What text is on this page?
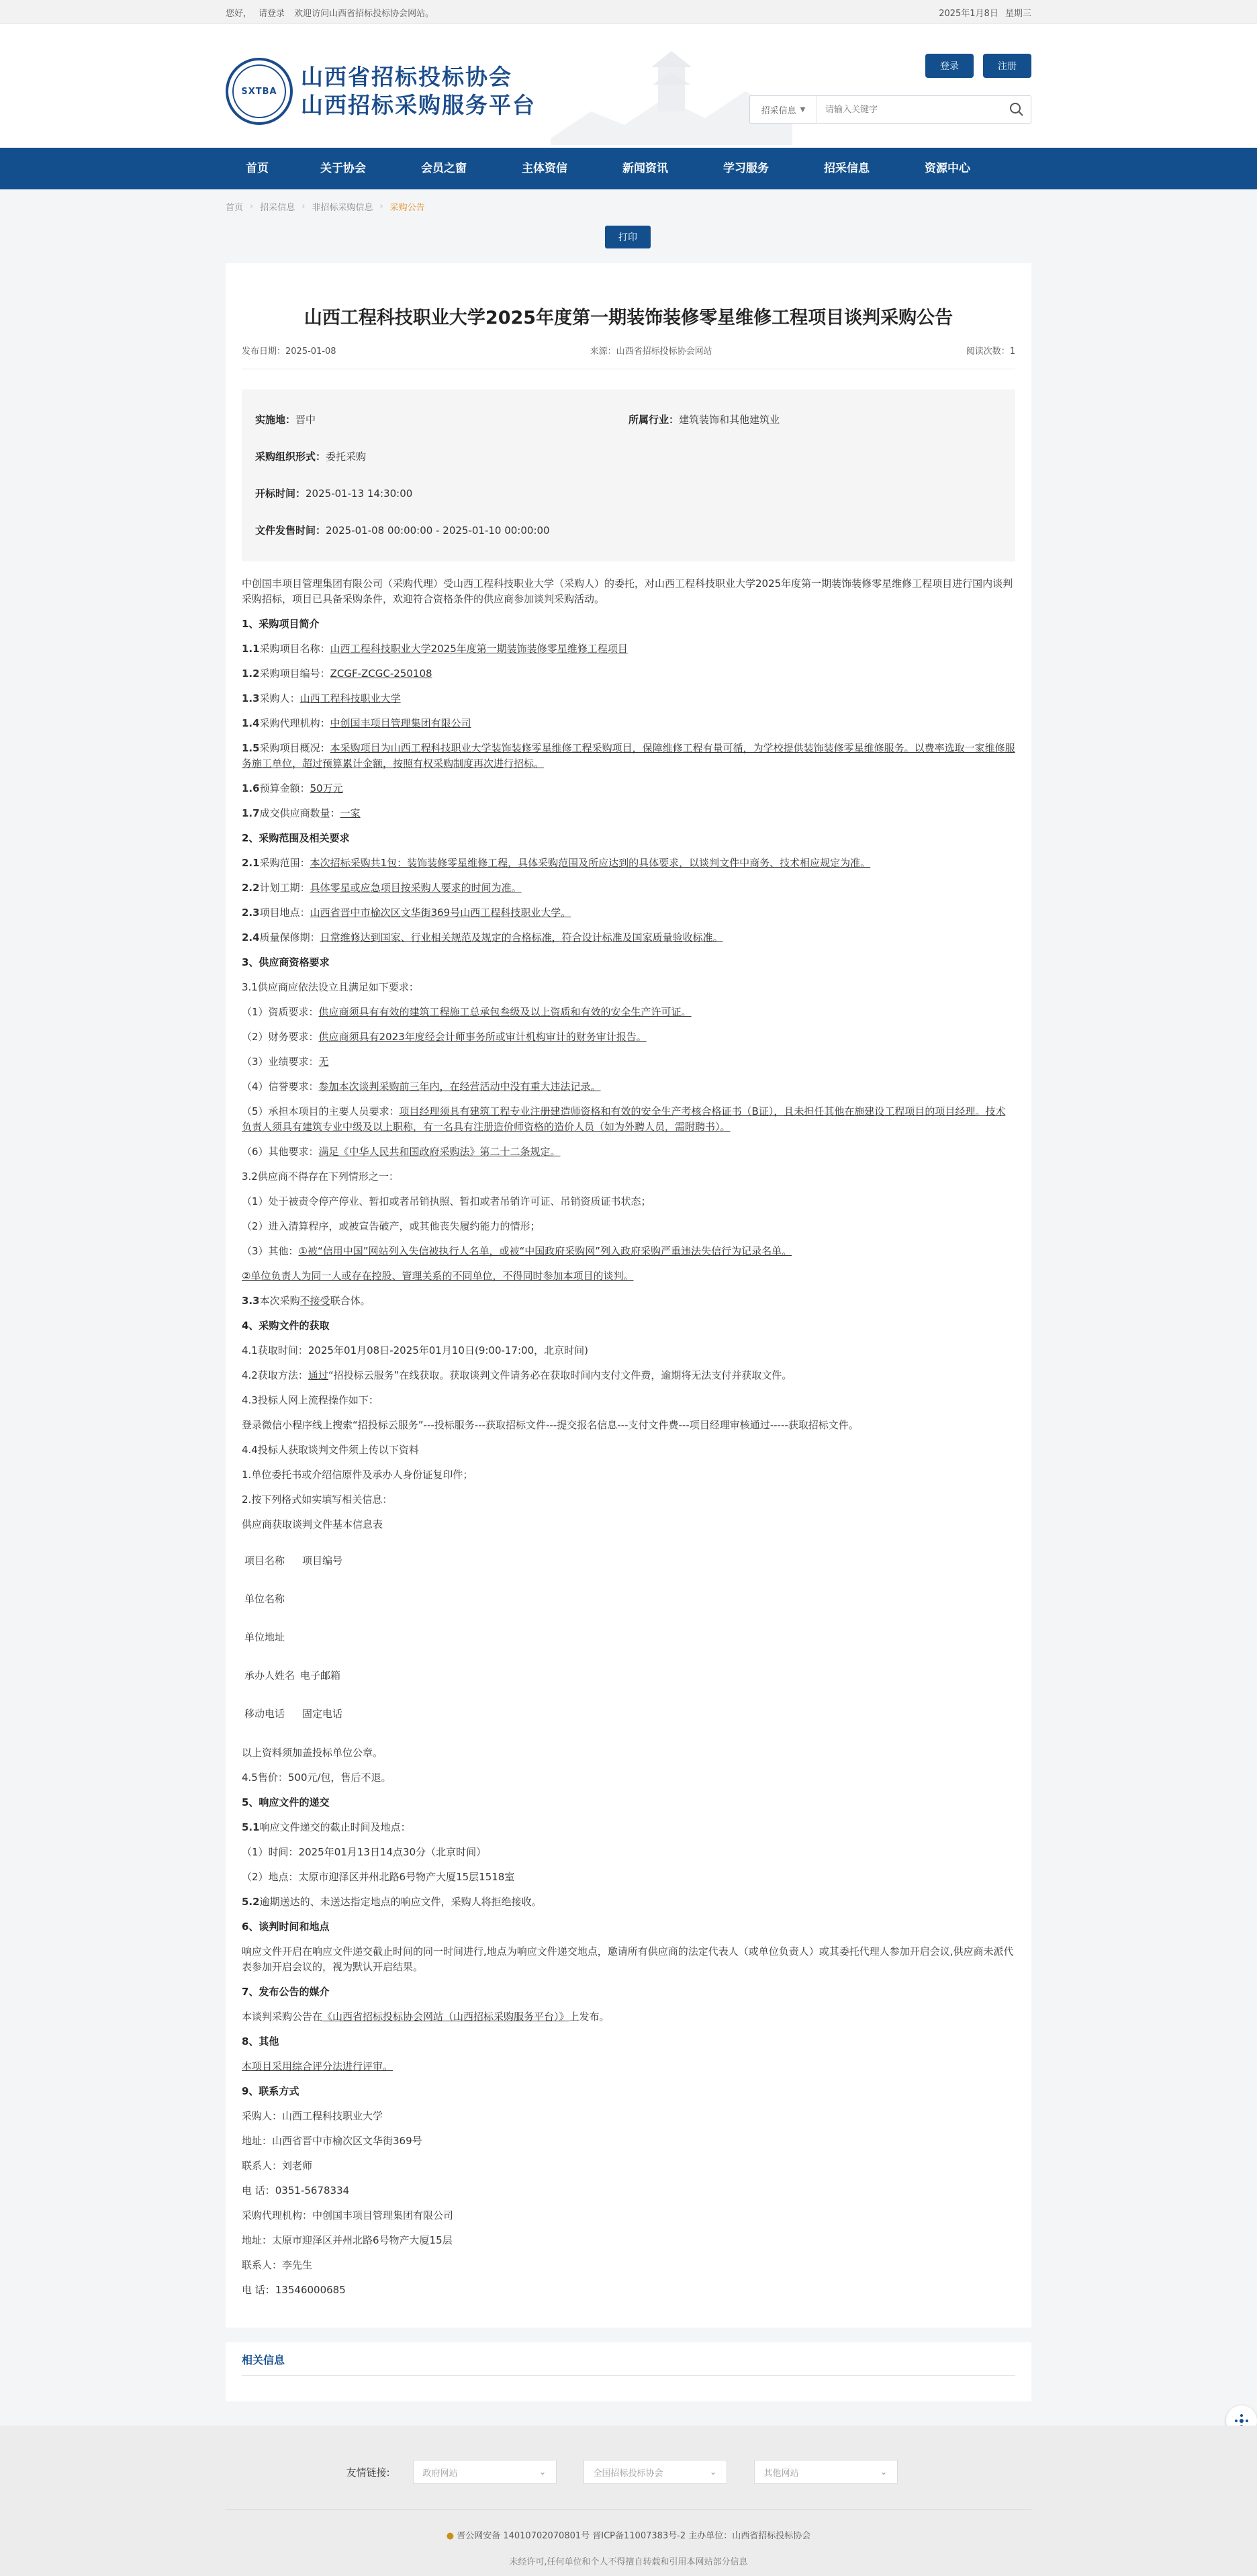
您好， 请登录 欢迎访问山西省招标投标协会网站。	2025年1月8日 星期三
SXTBA
山西省招标投标协会
山西招标采购服务平台
登录	注册
招采信息 ▼
请输入关键字
首页	关于协会	会员之窗	主体资信	新闻资讯	学习服务	招采信息	资源中心
首页 › 招采信息 › 非招标采购信息 › 采购公告
打印
山西工程科技职业大学2025年度第一期装饰装修零星维修工程项目谈判采购公告
发布日期：2025-01-08	来源：山西省招标投标协会网站	阅读次数：1
实施地：晋中	所属行业：建筑装饰和其他建筑业
采购组织形式：委托采购
开标时间：2025-01-13 14:30:00
文件发售时间：2025-01-08 00:00:00 - 2025-01-10 00:00:00

中创国丰项目管理集团有限公司（采购代理）受山西工程科技职业大学（采购人）的委托，对山西工程科技职业大学2025年度第一期装饰装修零星维修工程项目进行国内谈判采购招标，项目已具备采购条件，欢迎符合资格条件的供应商参加谈判采购活动。

1、采购项目简介

1.1采购项目名称：山西工程科技职业大学2025年度第一期装饰装修零星维修工程项目

1.2采购项目编号：ZCGF-ZCGC-250108

1.3采购人：山西工程科技职业大学

1.4采购代理机构：中创国丰项目管理集团有限公司

1.5采购项目概况：本采购项目为山西工程科技职业大学装饰装修零星维修工程采购项目，保障维修工程有量可循，为学校提供装饰装修零星维修服务。以费率选取一家维修服务施工单位，超过预算累计金额，按照有权采购制度再次进行招标。

1.6预算金额：50万元

1.7成交供应商数量：一家

2、采购范围及相关要求

2.1采购范围：本次招标采购共1包：装饰装修零星维修工程，具体采购范围及所应达到的具体要求，以谈判文件中商务、技术相应规定为准。

2.2计划工期：具体零星或应急项目按采购人要求的时间为准。

2.3项目地点：山西省晋中市榆次区文华街369号山西工程科技职业大学。

2.4质量保修期：日常维修达到国家、行业相关规范及规定的合格标准，符合设计标准及国家质量验收标准。

3、供应商资格要求

3.1供应商应依法设立且满足如下要求：

（1）资质要求：供应商须具有有效的建筑工程施工总承包叁级及以上资质和有效的安全生产许可证。

（2）财务要求：供应商须具有2023年度经会计师事务所或审计机构审计的财务审计报告。

（3）业绩要求：无

（4）信誉要求：参加本次谈判采购前三年内，在经营活动中没有重大违法记录。

（5）承担本项目的主要人员要求：项目经理须具有建筑工程专业注册建造师资格和有效的安全生产考核合格证书（B证），且未担任其他在施建设工程项目的项目经理。技术负责人须具有建筑专业中级及以上职称，有一名具有注册造价师资格的造价人员（如为外聘人员，需附聘书）。

（6）其他要求：满足《中华人民共和国政府采购法》第二十二条规定。

3.2供应商不得存在下列情形之一：

（1）处于被责令停产停业、暂扣或者吊销执照、暂扣或者吊销许可证、吊销资质证书状态；

（2）进入清算程序，或被宣告破产，或其他丧失履约能力的情形；

（3）其他：①被“信用中国”网站列入失信被执行人名单，或被“中国政府采购网”列入政府采购严重违法失信行为记录名单。

②单位负责人为同一人或存在控股、管理关系的不同单位，不得同时参加本项目的谈判。

3.3本次采购不接受联合体。

4、采购文件的获取

4.1获取时间：2025年01月08日-2025年01月10日(9:00-17:00，北京时间)

4.2获取方法：通过“招投标云服务”在线获取。获取谈判文件请务必在获取时间内支付文件费，逾期将无法支付并获取文件。

4.3投标人网上流程操作如下：

登录微信小程序线上搜索“招投标云服务”---投标服务---获取招标文件---提交报名信息---支付文件费---项目经理审核通过-----获取招标文件。

4.4投标人获取谈判文件须上传以下资料

1.单位委托书或介绍信原件及承办人身份证复印件；

2.按下列格式如实填写相关信息：

供应商获取谈判文件基本信息表

项目名称 项目编号
单位名称
单位地址
承办人姓名 电子邮箱
移动电话 固定电话

以上资料须加盖投标单位公章。

4.5售价：500元/包，售后不退。

5、响应文件的递交

5.1响应文件递交的截止时间及地点：

（1）时间：2025年01月13日14点30分（北京时间）

（2）地点：太原市迎泽区并州北路6号物产大厦15层1518室

5.2逾期送达的、未送达指定地点的响应文件，采购人将拒绝接收。

6、谈判时间和地点

响应文件开启在响应文件递交截止时间的同一时间进行,地点为响应文件递交地点，邀请所有供应商的法定代表人（或单位负责人）或其委托代理人参加开启会议,供应商未派代表参加开启会议的，视为默认开启结果。

7、发布公告的媒介

本谈判采购公告在《山西省招标投标协会网站（山西招标采购服务平台）》上发布。

8、其他

本项目采用综合评分法进行评审。

9、联系方式

采购人：山西工程科技职业大学

地址：山西省晋中市榆次区文华街369号

联系人：刘老师

电 话：0351-5678334

采购代理机构：中创国丰项目管理集团有限公司

地址：太原市迎泽区并州北路6号物产大厦15层

联系人：李先生

电 话：13546000685

相关信息
友情链接:	政府网站	⌄	全国招标投标协会	⌄	其他网站	⌄
● 晋公网安备 14010702070801号 晋ICP备11007383号-2 主办单位：山西省招标投标协会
未经许可,任何单位和个人不得擅自转载和引用本网站部分信息
